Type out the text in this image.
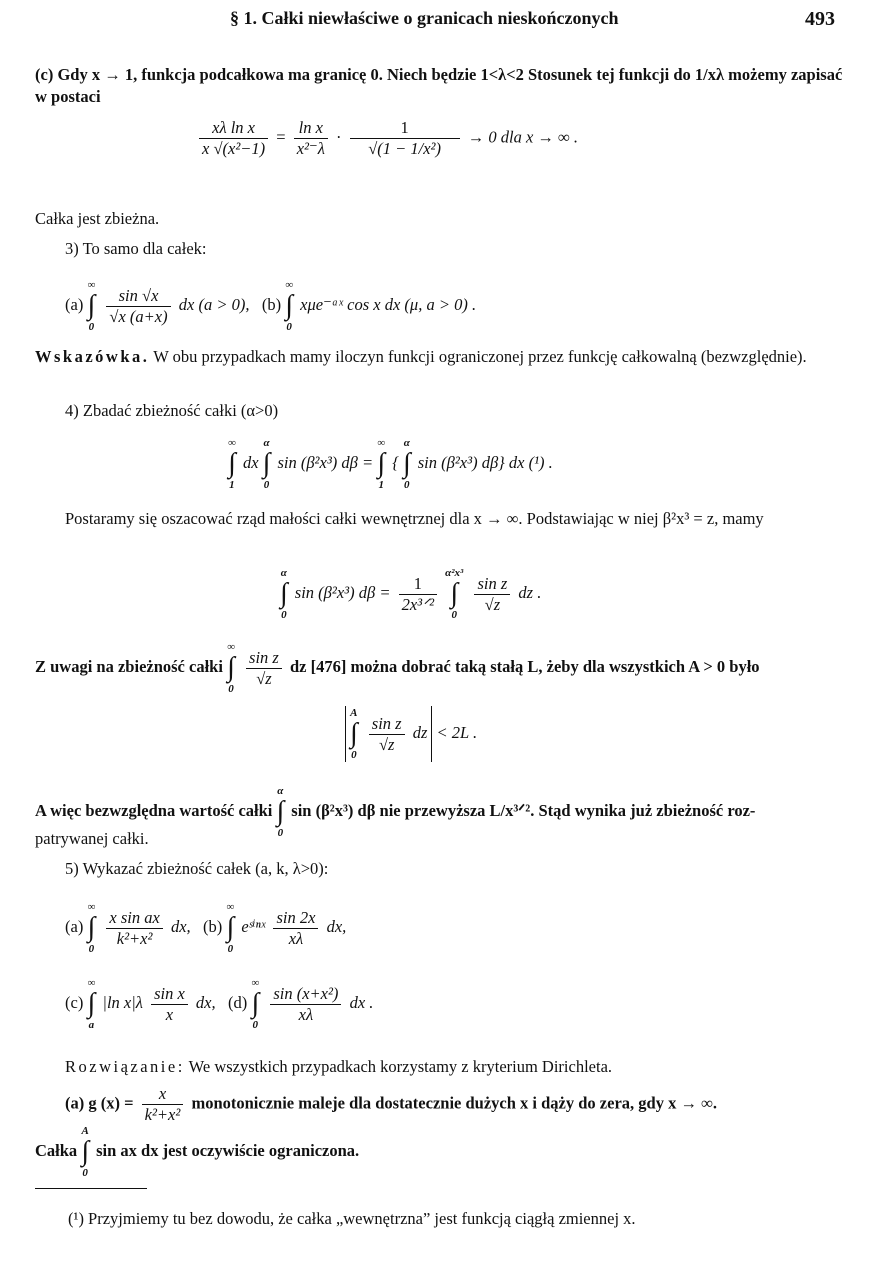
§ 1. Całki niewłaściwe o granicach nieskończonych	493
(c) Gdy x → 1, funkcja podcałkowa ma granicę 0. Niech będzie 1<λ<2 Stosunek tej funkcji do 1/xλ możemy zapisać w postaci
$\frac{\text{xλ ln x}}{\text{x √(x²−1)}} = \frac{\text{ln x}}{\text{x²⁻λ}} \cdot \frac{1}{\text{√(1 − 1/x²)}} \to 0$ dla x → ∞ .
Całka jest zbieżna.
3) To samo dla całek:
(a)
∞
∫
0

$\frac{\sin √x}{√x (a+x)}$ dx (a > 0), (b)
∞
∫
0
xμe⁻ᵃˣ cos x dx (μ, a > 0) .
Wskazówka. W obu przypadkach mamy iloczyn funkcji ograniczonej przez funkcję całkowalną (bezwzględnie).
4) Zbadać zbieżność całki (α>0)
∞
∫
1
dx
α
∫
0
sin (β²x³) dβ =
∞
∫
1
{
α
∫
0
sin (β²x³) dβ} dx (¹) .
Postaramy się oszacować rząd małości całki wewnętrznej dla x → ∞. Podstawiając w niej β²x³ = z, mamy
α
∫
0
sin (β²x³) $d\beta = \frac{1}{\text{2x³ᐟ²}}$

α²x³
∫
0

$\frac{\text{sin z}}{√z}$ dz .
Z uwagi na zbieżność całki
∞
∫
0

$\frac{\text{sin z}}{√z}$ dz [476] można dobrać taką stałą L, żeby dla wszystkich A > 0 było
A
∫
0

$\frac{\text{sin z}}{√z}$ dz < 2L .
A więc bezwzględna wartość całki
α
∫
0
sin (β²x³) dβ nie przewyższa L/x³ᐟ². Stąd wynika już zbieżność roz-
patrywanej całki.
5) Wykazać zbieżność całek (a, k, λ>0):
(a)
∞
∫
0

$\frac{\text{x sin ax}}{\text{k²+x²}}$ dx, (b)
∞
∫
0
eˢⁱⁿˣ $\frac{\sin 2x}{x\lambda}$ dx,
(c)
∞
∫
a
|ln $x|\lambda \frac{\text{sin x}}{x}$ dx, (d)
∞
∫
0

$\frac{\text{sin (x+x²)}}{x\lambda}$ dx .
Rozwiązanie: We wszystkich przypadkach korzystamy z kryterium Dirichleta.
(a) g $(x) = \frac{x}{\text{k²+x²}}$ monotonicznie maleje dla dostatecznie dużych x i dąży do zera, gdy x → ∞.
Całka
A
∫
0
sin ax dx jest oczywiście ograniczona.
(¹) Przyjmiemy tu bez dowodu, że całka „wewnętrzna” jest funkcją ciągłą zmiennej x.
